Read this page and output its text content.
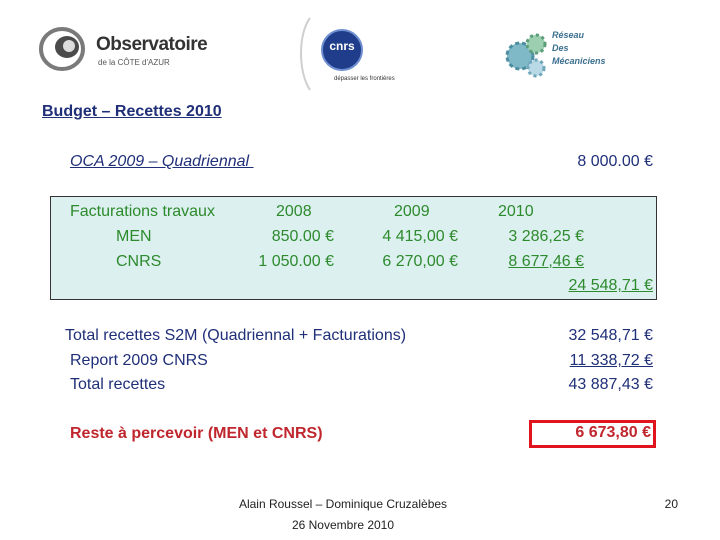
Observatoire
de la CÔTE d'AZUR
cnrs
dépasser les frontières
Réseau
Des
Mécaniciens
Budget – Recettes 2010
OCA 2009 – Quadriennal	8 000.00 €
Facturations travaux	2008	2009	2010
MEN	850.00 €	4 415,00 €	3 286,25 €
CNRS	1 050.00 €	6 270,00 €	8 677,46 €
24 548,71 €
Total recettes S2M (Quadriennal + Facturations)	32 548,71 €
Report 2009 CNRS	11 338,72 €
Total recettes	43 887,43 €
Reste à percevoir (MEN et CNRS)	6 673,80 €
Alain Roussel – Dominique Cruzalèbes
26 Novembre 2010
20
